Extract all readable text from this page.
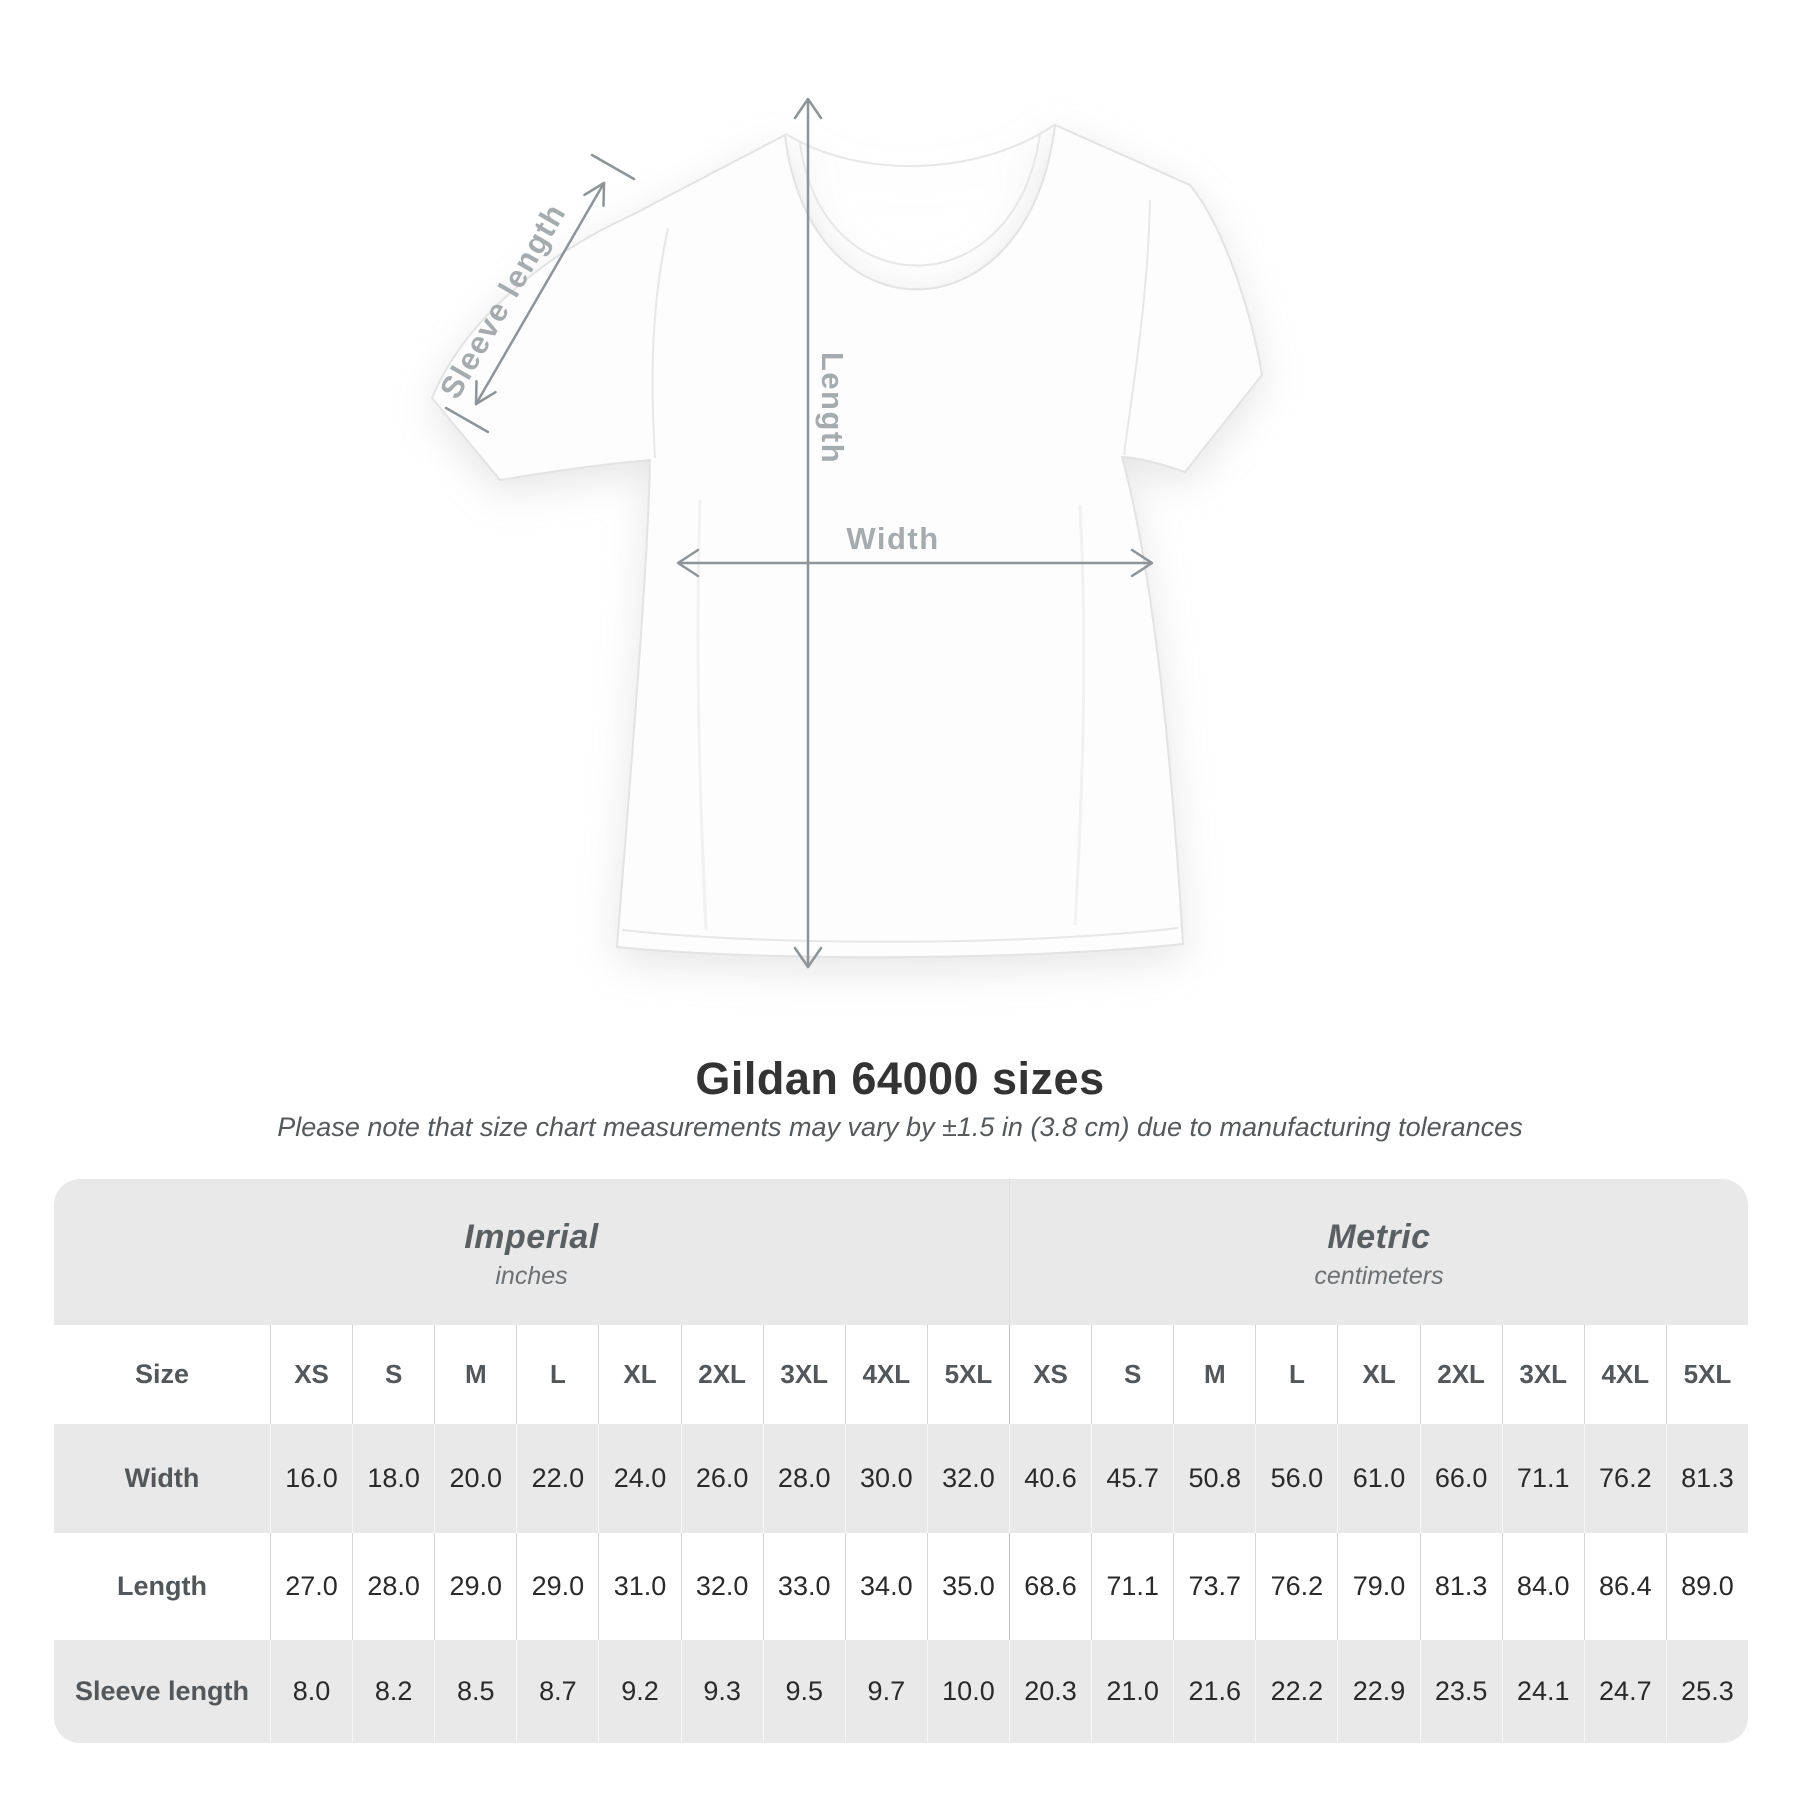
Width
Length
Sleeve length
Gildan 64000 sizes
Please note that size chart measurements may vary by ±1.5 in (3.8 cm) due to manufacturing tolerances
Imperial
inches
Metric
centimeters
Size	XS	S	M	L	XL	2XL	3XL	4XL	5XL	XS	S	M	L	XL	2XL	3XL	4XL	5XL
Width	16.0	18.0	20.0	22.0	24.0	26.0	28.0	30.0	32.0	40.6	45.7	50.8	56.0	61.0	66.0	71.1	76.2	81.3
Length	27.0	28.0	29.0	29.0	31.0	32.0	33.0	34.0	35.0	68.6	71.1	73.7	76.2	79.0	81.3	84.0	86.4	89.0
Sleeve length	8.0	8.2	8.5	8.7	9.2	9.3	9.5	9.7	10.0	20.3	21.0	21.6	22.2	22.9	23.5	24.1	24.7	25.3
